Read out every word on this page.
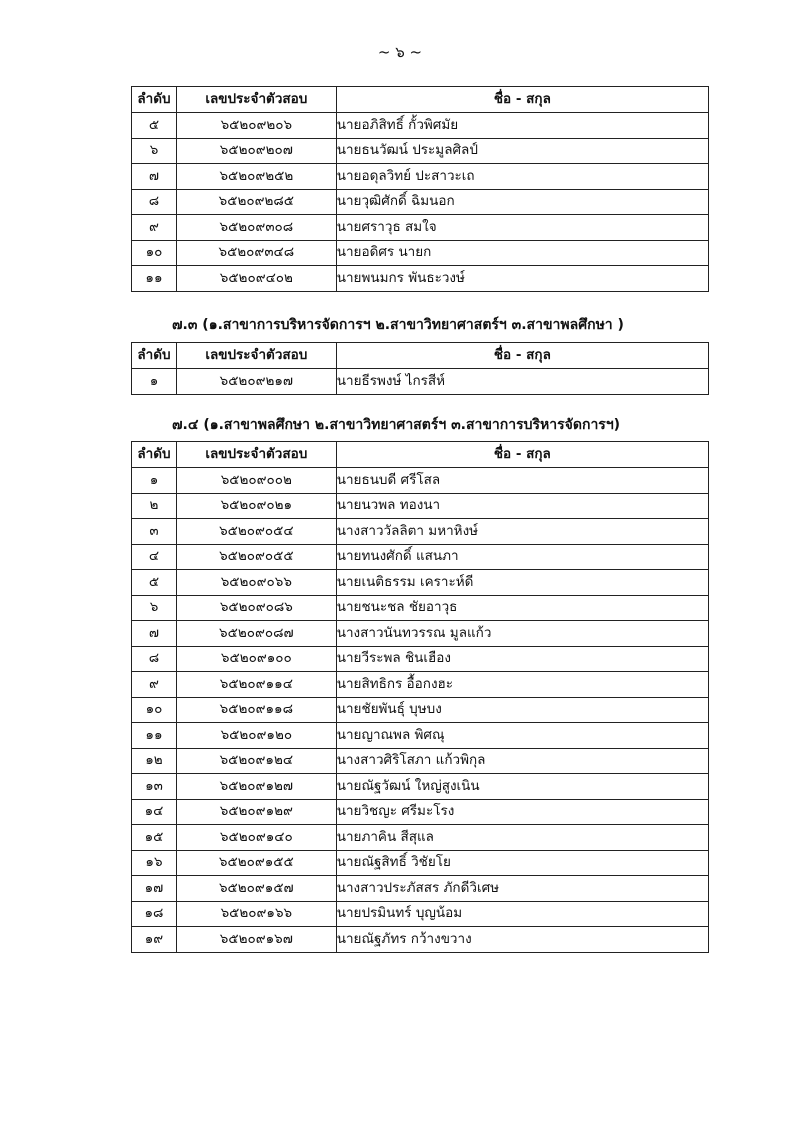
~ ๖ ~
ลำดับ	เลขประจำตัวสอบ	ชื่อ - สกุล
๕	๖๕๒๐๙๒๐๖	นายอภิสิทธิ์ กั้วพิศมัย
๖	๖๕๒๐๙๒๐๗	นายธนวัฒน์ ประมูลศิลป์
๗	๖๕๒๐๙๒๕๒	นายอดุลวิทย์ ปะสาวะเถ
๘	๖๕๒๐๙๒๘๕	นายวุฒิศักดิ์ ฉิมนอก
๙	๖๕๒๐๙๓๐๘	นายศราวุธ สมใจ
๑๐	๖๕๒๐๙๓๔๘	นายอดิศร นายก
๑๑	๖๕๒๐๙๔๐๒	นายพนมกร พันธะวงษ์
๗.๓ (๑.สาขาการบริหารจัดการฯ ๒.สาขาวิทยาศาสตร์ฯ ๓.สาขาพลศึกษา )
ลำดับ	เลขประจำตัวสอบ	ชื่อ - สกุล
๑	๖๕๒๐๙๒๑๗	นายธีรพงษ์ ไกรสีห์
๗.๔ (๑.สาขาพลศึกษา ๒.สาขาวิทยาศาสตร์ฯ ๓.สาขาการบริหารจัดการฯ)
ลำดับ	เลขประจำตัวสอบ	ชื่อ - สกุล
๑	๖๕๒๐๙๐๐๒	นายธนบดี ศรีโสล
๒	๖๕๒๐๙๐๒๑	นายนวพล ทองนา
๓	๖๕๒๐๙๐๕๔	นางสาววัลลิตา มหาหิงษ์
๔	๖๕๒๐๙๐๕๕	นายทนงศักดิ์ แสนภา
๕	๖๕๒๐๙๐๖๖	นายเนติธรรม เคราะห์ดี
๖	๖๕๒๐๙๐๘๖	นายชนะชล ชัยอาวุธ
๗	๖๕๒๐๙๐๘๗	นางสาวนันทวรรณ มูลแก้ว
๘	๖๕๒๐๙๑๐๐	นายวีระพล ชินเฮือง
๙	๖๕๒๐๙๑๑๔	นายสิทธิกร อื้อกงฮะ
๑๐	๖๕๒๐๙๑๑๘	นายชัยพันธุ์ บุษบง
๑๑	๖๕๒๐๙๑๒๐	นายญาณพล พิศณุ
๑๒	๖๕๒๐๙๑๒๔	นางสาวศิริโสภา แก้วพิกุล
๑๓	๖๕๒๐๙๑๒๗	นายณัฐวัฒน์ ใหญ่สูงเนิน
๑๔	๖๕๒๐๙๑๒๙	นายวิชญะ ศรีมะโรง
๑๕	๖๕๒๐๙๑๔๐	นายภาคิน สีสุแล
๑๖	๖๕๒๐๙๑๕๕	นายณัฐสิทธิ์ วิชัยโย
๑๗	๖๕๒๐๙๑๕๗	นางสาวประภัสสร ภักดีวิเศษ
๑๘	๖๕๒๐๙๑๖๖	นายปรมินทร์ บุญน้อม
๑๙	๖๕๒๐๙๑๖๗	นายณัฐภัทร กว้างขวาง
